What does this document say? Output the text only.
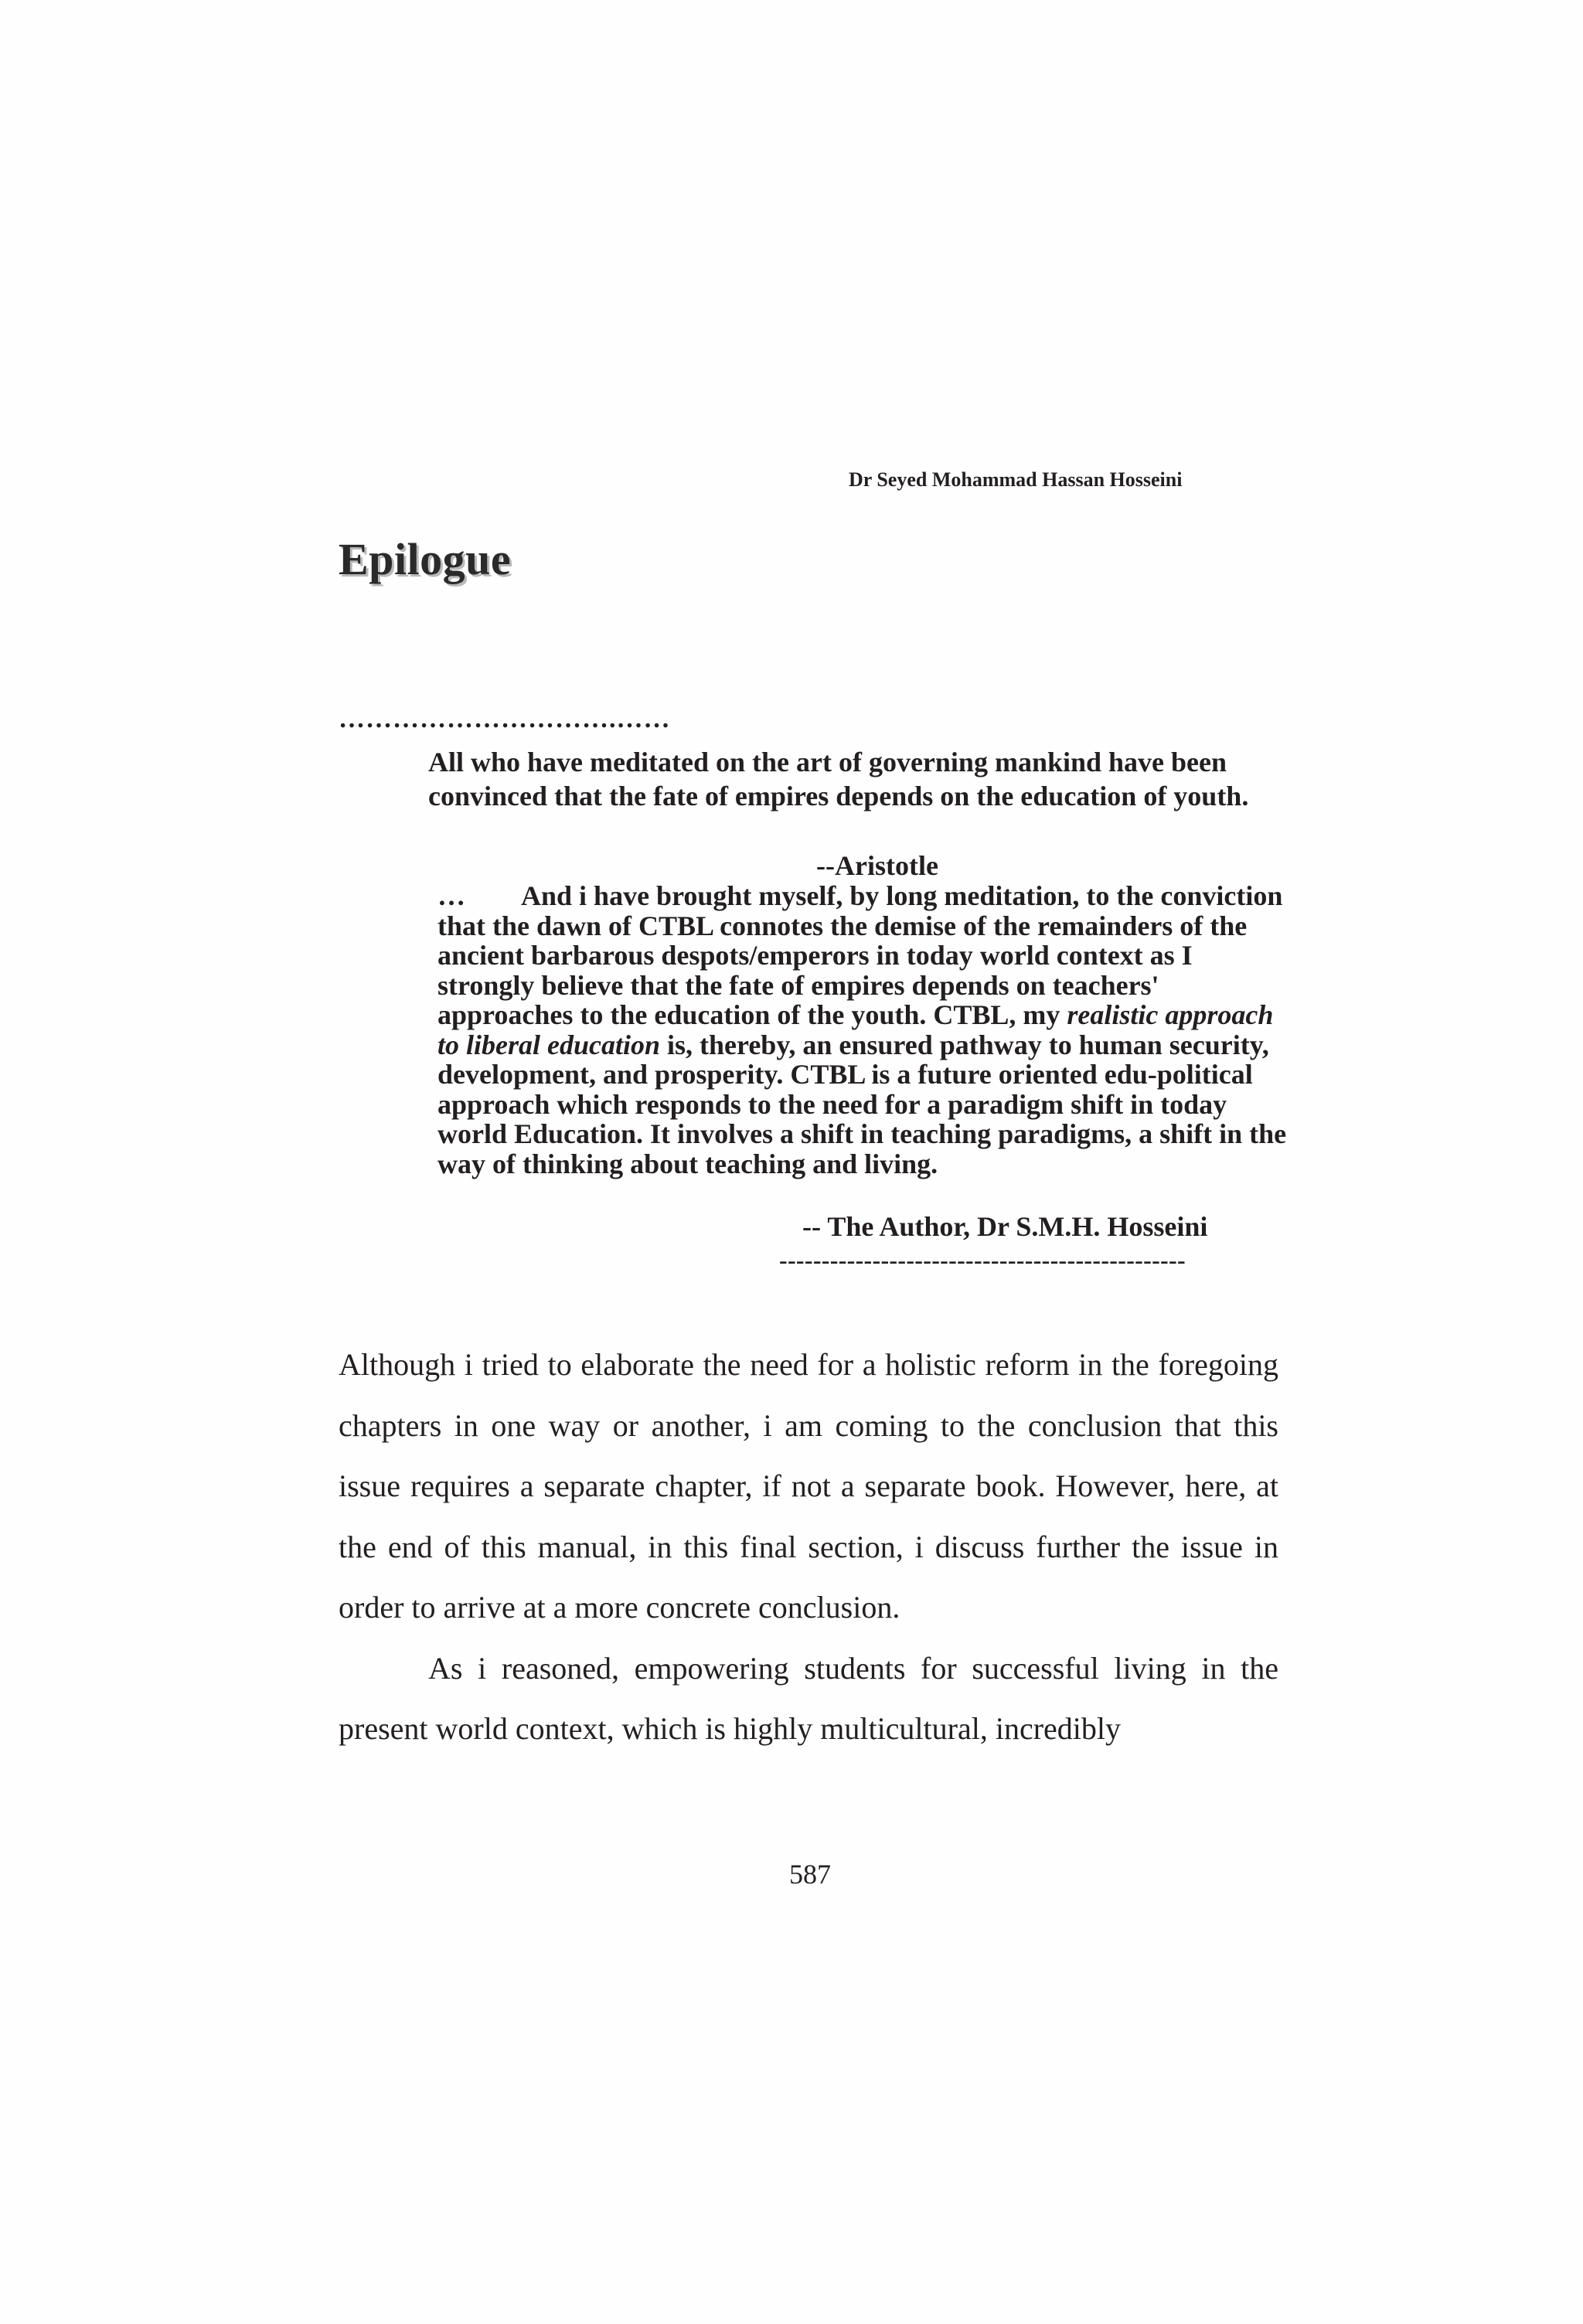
Dr Seyed Mohammad Hassan Hosseini
Epilogue
………………………….……

All who have meditated on the art of governing mankind have been convinced that the fate of empires depends on the education of youth.

--Aristotle

… And i have brought myself, by long meditation, to the conviction that the dawn of CTBL connotes the demise of the remainders of the ancient barbarous despots/emperors in today world context as I strongly believe that the fate of empires depends on teachers' approaches to the education of the youth. CTBL, my realistic approach to liberal education is, thereby, an ensured pathway to human security, development, and prosperity. CTBL is a future oriented edu-political approach which responds to the need for a paradigm shift in today world Education. It involves a shift in teaching paradigms, a shift in the way of thinking about teaching and living.

-- The Author, Dr S.M.H. Hosseini
------------------------------------------------

Although i tried to elaborate the need for a holistic reform in the foregoing chapters in one way or another, i am coming to the conclusion that this issue requires a separate chapter, if not a separate book. However, here, at the end of this manual, in this final section, i discuss further the issue in order to arrive at a more concrete conclusion.

As i reasoned, empowering students for successful living in the present world context, which is highly multicultural, incredibly

587
